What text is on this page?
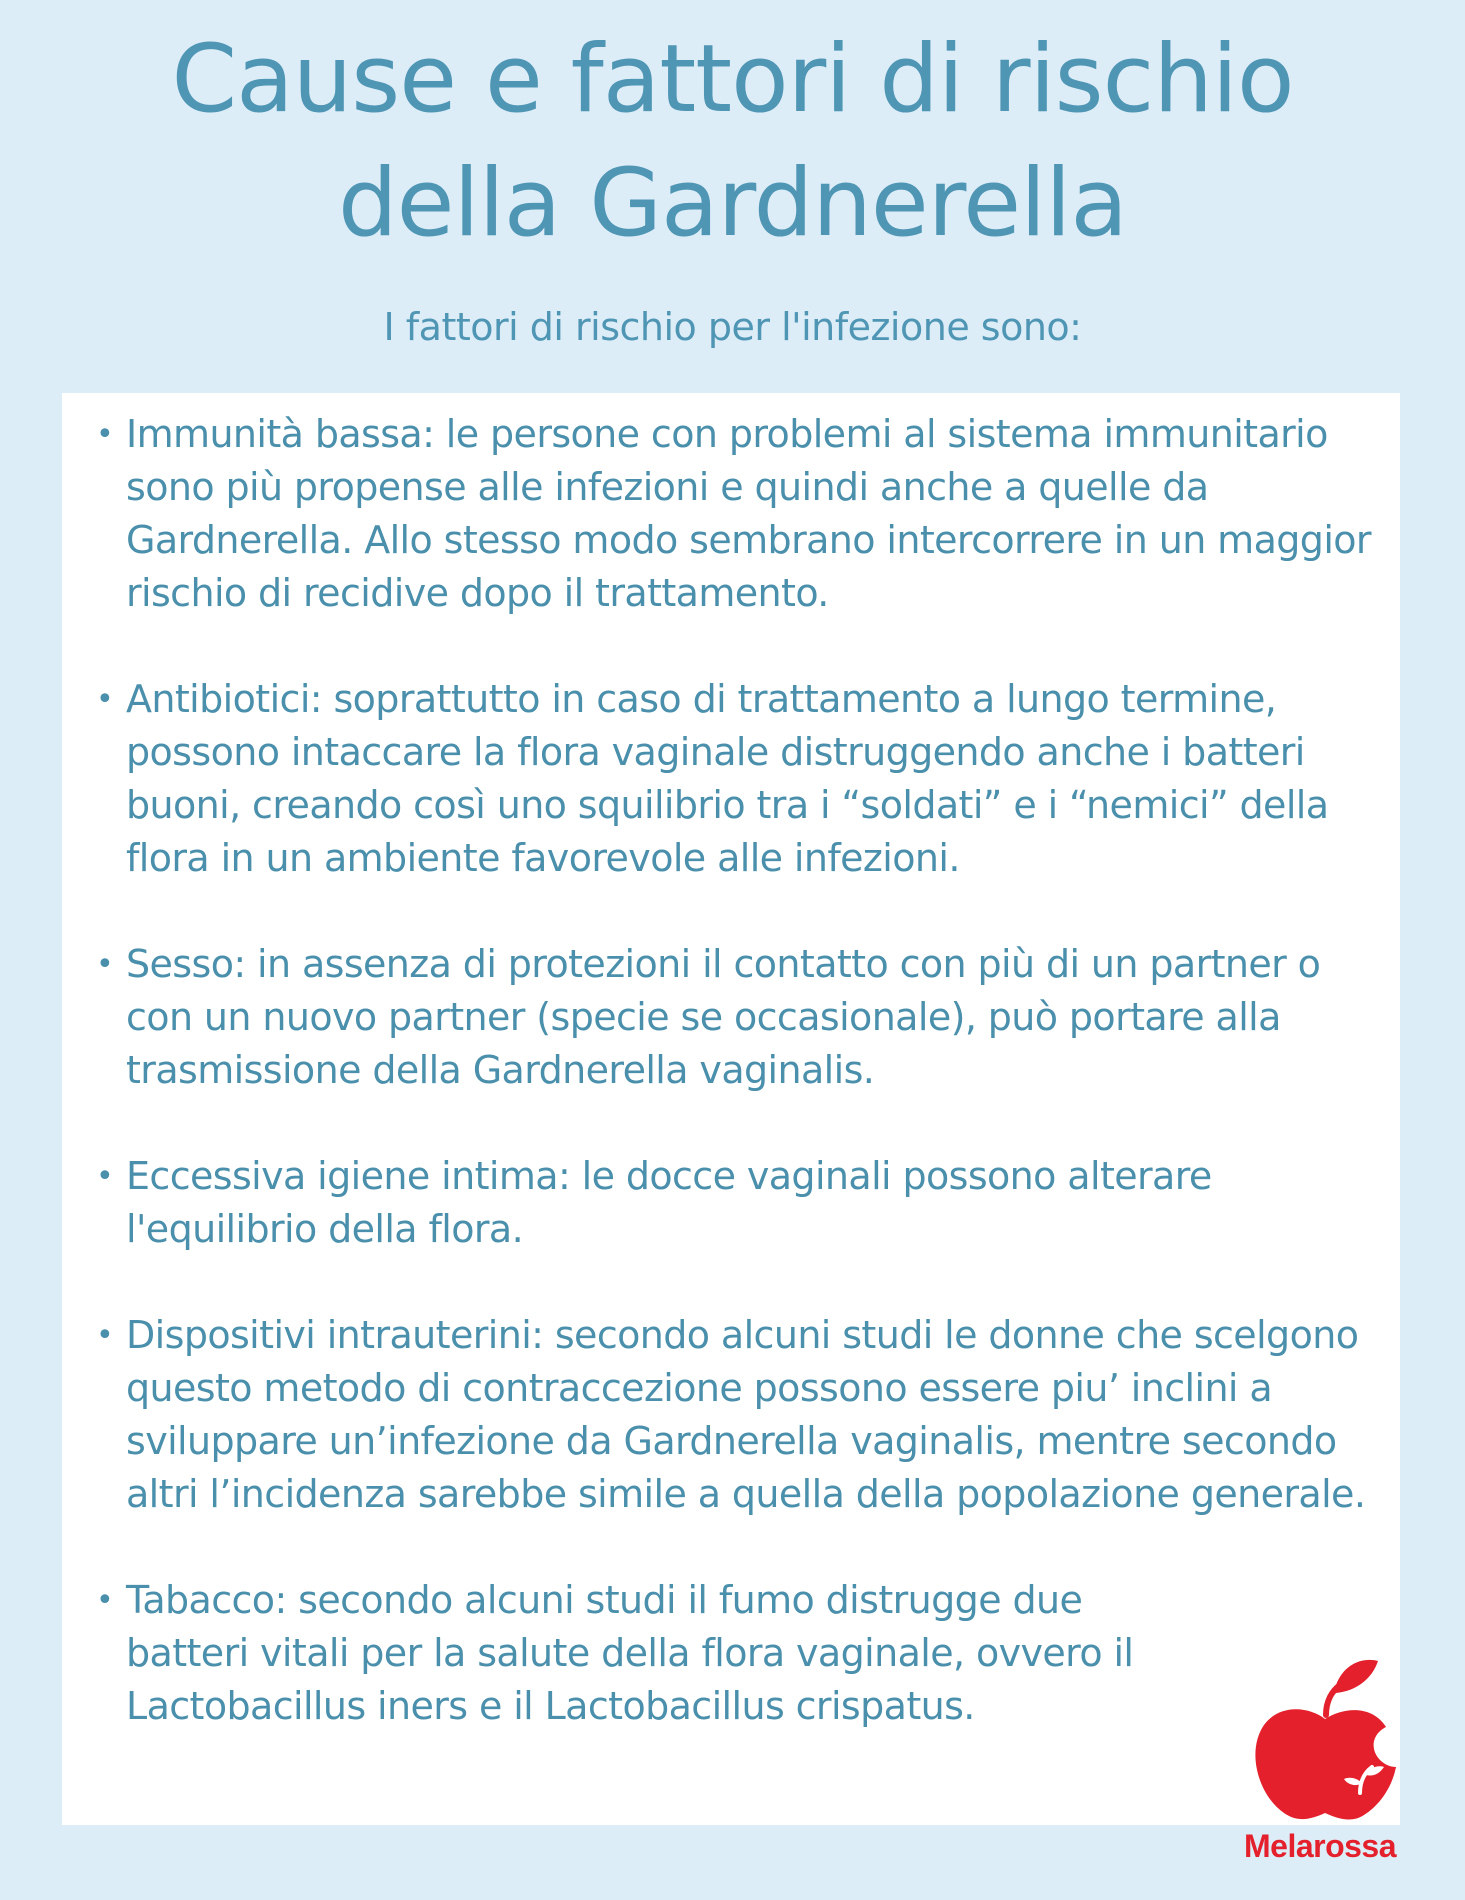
Cause e fattori di rischio
della Gardnerella
I fattori di rischio per l'infezione sono:
• Immunità bassa: le persone con problemi al sistema immunitario sono più propense alle infezioni e quindi anche a quelle da Gardnerella. Allo stesso modo sembrano intercorrere in un maggior rischio di recidive dopo il trattamento.
• Antibiotici: soprattutto in caso di trattamento a lungo termine, possono intaccare la flora vaginale distruggendo anche i batteri buoni, creando così uno squilibrio tra i “soldati” e i “nemici” della flora in un ambiente favorevole alle infezioni.
• Sesso: in assenza di protezioni il contatto con più di un partner o con un nuovo partner (specie se occasionale), può portare alla trasmissione della Gardnerella vaginalis.
• Eccessiva igiene intima: le docce vaginali possono alterare l'equilibrio della flora.
• Dispositivi intrauterini: secondo alcuni studi le donne che scelgono questo metodo di contraccezione possono essere piu’ inclini a sviluppare un’infezione da Gardnerella vaginalis, mentre secondo altri l’incidenza sarebbe simile a quella della popolazione generale.
• Tabacco: secondo alcuni studi il fumo distrugge due batteri vitali per la salute della flora vaginale, ovvero il Lactobacillus iners e il Lactobacillus crispatus.
Melarossa
